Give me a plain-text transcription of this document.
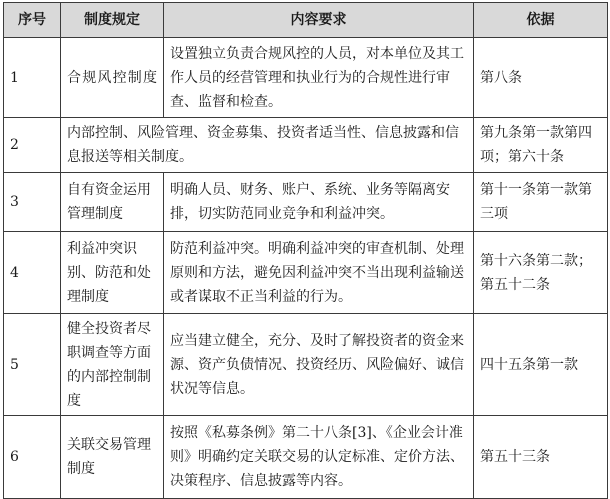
序号	制度规定	内容要求	依据
1	合规风控制度	设置独立负责合规风控的人员，对本单位及其工作人员的经营管理和执业行为的合规性进行审查、监督和检查。	第八条
2	内部控制、风险管理、资金募集、投资者适当性、信息披露和信息报送等相关制度。		第九条第一款第四项；第六十条
3	自有资金运用管理制度	明确人员、财务、账户、系统、业务等隔离安排，切实防范同业竞争和利益冲突。	第十一条第一款第三项
4	利益冲突识别、防范和处理制度	防范利益冲突。明确利益冲突的审查机制、处理原则和方法，避免因利益冲突不当出现利益输送或者谋取不正当利益的行为。	第十六条第二款；第五十二条
5	健全投资者尽职调查等方面的内部控制制度	应当建立健全，充分、及时了解投资者的资金来源、资产负债情况、投资经历、风险偏好、诚信状况等信息。	四十五条第一款
6	关联交易管理制度	按照《私募条例》第二十八条[3]、《企业会计准则》明确约定关联交易的认定标准、定价方法、决策程序、信息披露等内容。	第五十三条
